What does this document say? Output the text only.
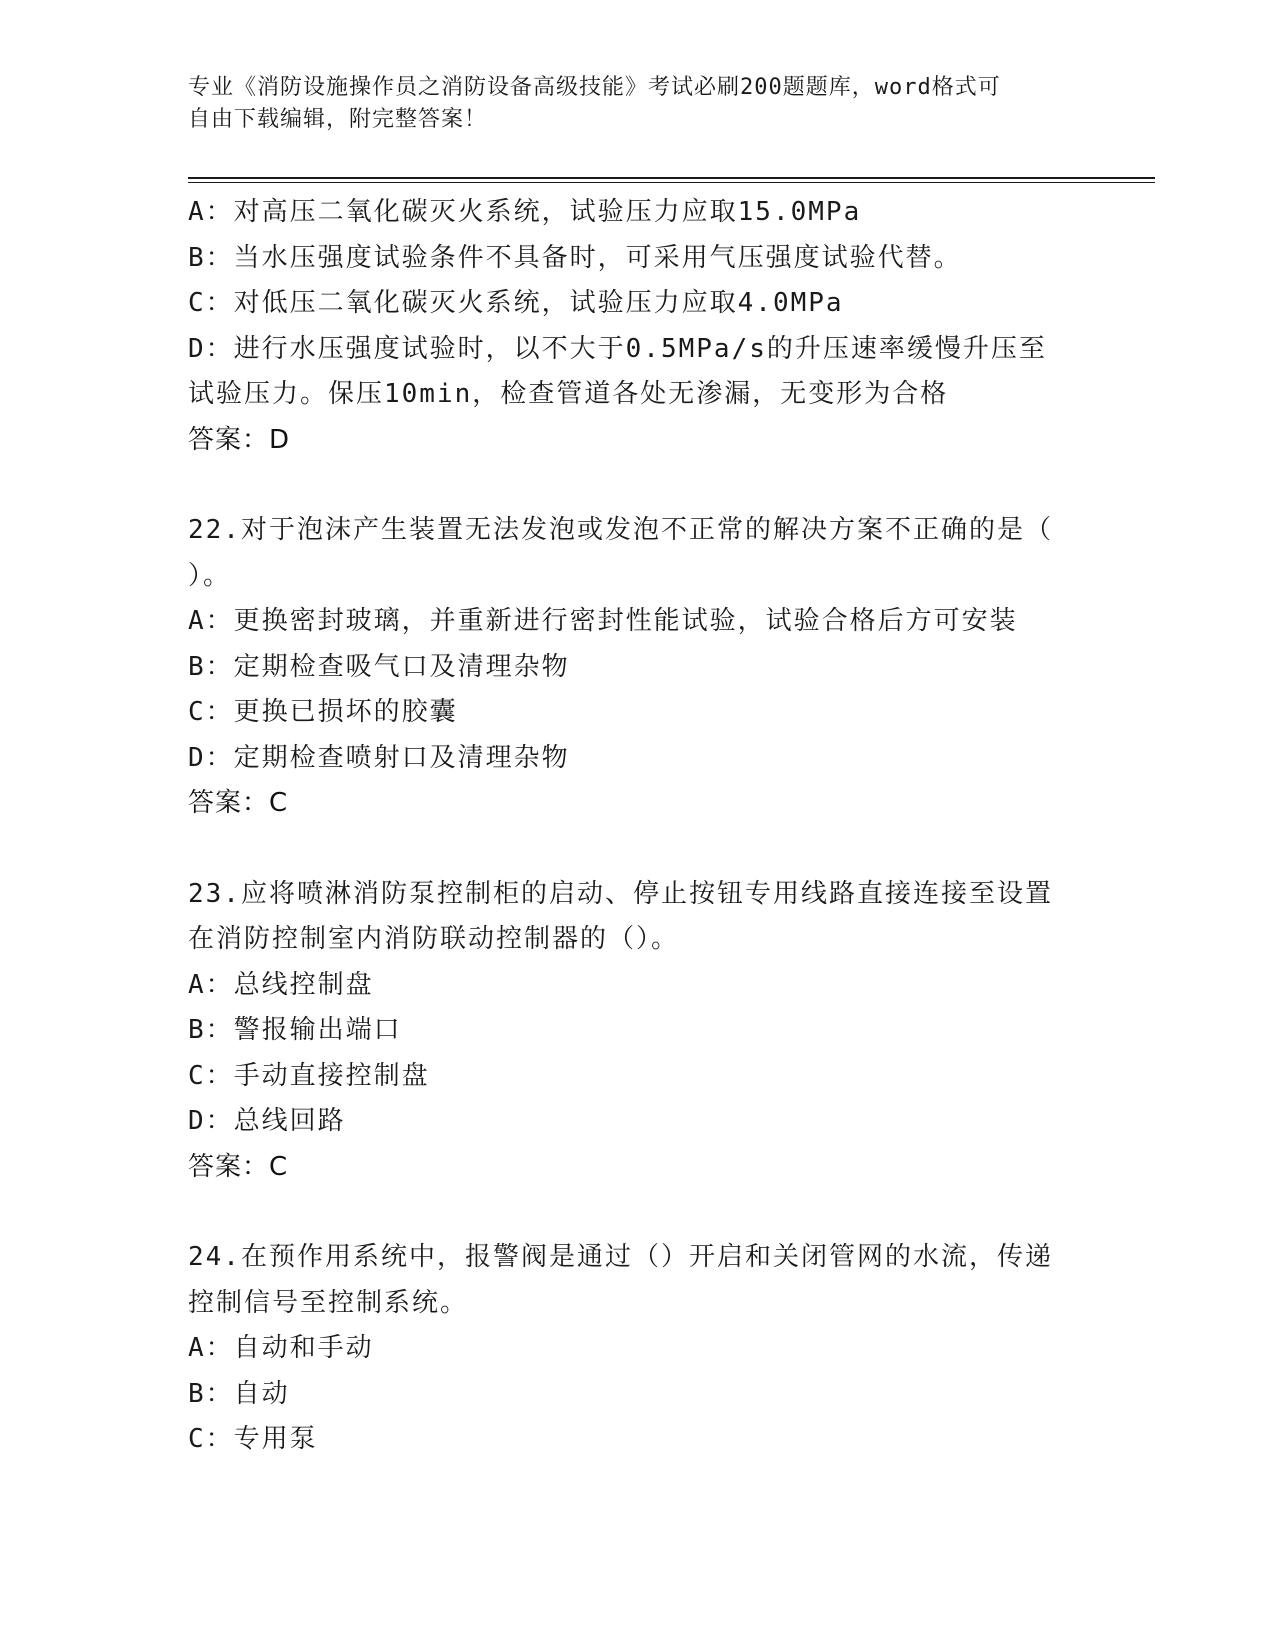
专业《消防设施操作员之消防设备高级技能》考试必刷200题题库，word格式可
自由下载编辑，附完整答案！
A：对高压二氧化碳灭火系统，试验压力应取15.0MPa
B：当水压强度试验条件不具备时，可采用气压强度试验代替。
C：对低压二氧化碳灭火系统，试验压力应取4.0MPa
D：进行水压强度试验时，以不大于0.5MPa/s的升压速率缓慢升压至
试验压力。保压10min，检查管道各处无渗漏，无变形为合格
答案：D
22.对于泡沫产生装置无法发泡或发泡不正常的解决方案不正确的是（
）。
A：更换密封玻璃，并重新进行密封性能试验，试验合格后方可安装
B：定期检查吸气口及清理杂物
C：更换已损坏的胶囊
D：定期检查喷射口及清理杂物
答案：C
23.应将喷淋消防泵控制柜的启动、停止按钮专用线路直接连接至设置
在消防控制室内消防联动控制器的（）。
A：总线控制盘
B：警报输出端口
C：手动直接控制盘
D：总线回路
答案：C
24.在预作用系统中，报警阀是通过（）开启和关闭管网的水流，传递
控制信号至控制系统。
A：自动和手动
B：自动
C：专用泵
